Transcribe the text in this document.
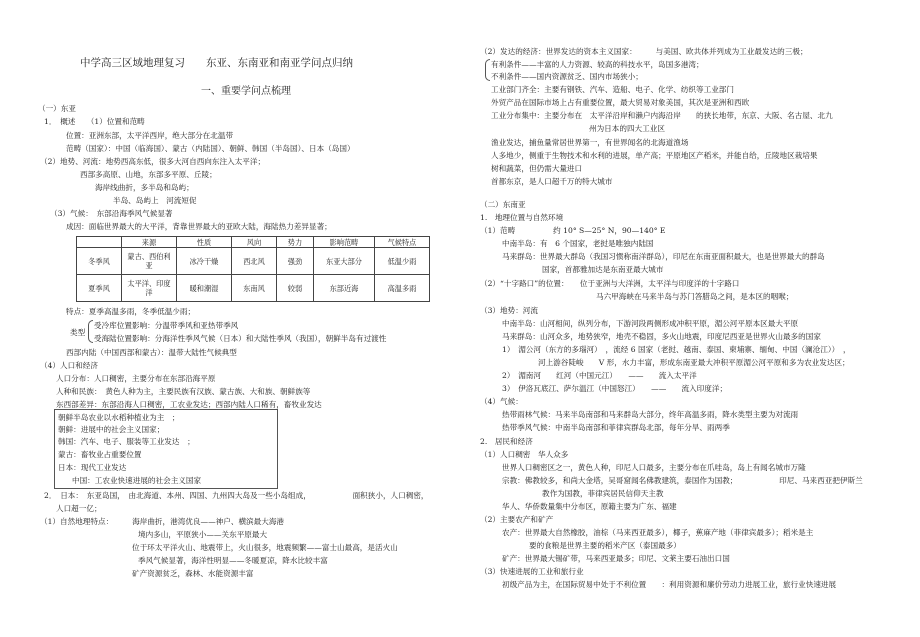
中学高三区域地理复习　　东亚、东南亚和南亚学问点归纳
一、重要学问点梳理
（一）东亚
1．　概述　　（1）位置和范畴
位置：亚洲东部，太平洋西岸，绝大部分在北温带
范畴（国家）：中国（临海国）、蒙古（内陆国）、朝鲜、韩国（半岛国）、日本（岛国）
（2）地势、河流：地势西高东低，很多大河自西向东注入太平洋；
西部多高原、山地，东部多平原、丘陵；
海岸线曲折，多半岛和岛屿；
半岛、岛屿上　河流短促
（3）气候：　东部沿海季风气候显著
成因：面临世界最大的大平洋，背靠世界最大的亚欧大陆，海陆热力差异显著；
	来源	性质	风向	势力	影响范畴	气候特点
冬季风	蒙古、西伯利亚	冰冷干燥	西北风	强劲	东亚大部分	低温少雨
夏季风	太平洋、印度洋	暖和潮湿	东南风	较弱	东部近海	高温多雨
特点：夏季高温多雨，冬季低温少雨；
受冷库位置影响：分温带季风和亚热带季风
类型
受海陆位置影响：分海洋性季风气候（日本）和大陆性季风（我国），朝鲜半岛有过渡性
西部内陆（中国西部和蒙古）：温带大陆性气候典型
（4）人口和经济
人口分布：人口稠密，主要分布在东部沿海平原
人种和民族：　黄色人种为主，主要民族有汉族、蒙古族、大和族、朝鲜族等
东西部差异：东部沿海人口稠密，工农业发达；西部内陆人口稀有，畜牧业发达
朝鲜半岛农业以水稻种植业为主　；
朝鲜：进展中的社会主义国家；
韩国：汽车、电子、服装等工业发达　；
蒙古：畜牧业占重要位置
日本：现代工业发达
中国：工农业快速进展的社会主义国家
2．　日本：　东亚岛国，　由北海道、本州、四国、九州四大岛及一些小岛组成，　　　　　　面积狭小，人口稠密，
人口超一亿；
（1）自然地理特点：　　　海岸曲折，港湾优良——神户、横滨最大海港
境内多山，平原狭小——关东平原最大
位于环太平洋火山、地震带上，火山很多，地震频繁——富士山最高，是活火山
季风气候显著，海洋性明显——冬暖夏凉，降水比较丰富
矿产资源贫乏，森林、水能资源丰富
（2）发达的经济：世界发达的资本主义国家：　　　与美国、欧共体并列成为工业最发达的三极；
有利条件——丰富的人力资源、较高的科技水平，岛国多港湾；
不利条件——国内资源贫乏、国内市场狭小；
工业部门齐全：主要有钢铁、汽车、造船、电子、化学、纺织等工业部门
外贸产品在国际市场上占有重要位置，最大贸易对象美国，其次是亚洲和西欧
工业分布集中：主要分布在　太平洋沿岸和濑户内海沿岸　　的狭长地带，东京、大阪、名古屋、北九
州为日本的四大工业区
渔业发达，捕鱼量常居世界第一，有世界闻名的北海道渔场
人多地少，侧重于生物技术和水利的进展，单产高；平原地区产稻米，并能自给，丘陵地区栽培果
树和蔬菜，但仍需大量进口
首都东京，是人口超千万的特大城市
（二）东南亚
1.　地理位置与自然环境
（1）范畴　　　　　约 10° S—25° N，90—140° E
中南半岛：有　6 个国家，老挝是唯独内陆国
马来群岛：世界最大群岛（我国习惯称南洋群岛），印尼在东南亚面积最大，也是世界最大的群岛
国家，首都雅加达是东南亚最大城市
（2）“十字路口”的位置：　　位于亚洲与大洋洲，太平洋与印度洋的十字路口
马六甲海峡在马来半岛与苏门答腊岛之间，是本区的咽喉；
（3）地势：河流
中南半岛：山河相间，纵列分布，下游河段两侧形成冲积平原，湄公河平原本区最大平原
马来群岛：山河众多，地势狭窄，地壳不稳固，多火山地震，印度尼西亚是世界火山最多的国家
1）　湄公河（东方的多瑙河）　，流经 6 国家（老挝、越南、泰国、柬埔寨、缅甸、中国（澜沧江））　，
河上游谷陡峻　　V 形，水力丰富，形成东南亚最大冲积平原湄公河平原和多为农业发达区；
2）　湄南河　　红河（中国元江）　　——　　流入太平洋
3）　伊洛瓦底江、萨尔温江（中国怒江）　　——　　流入印度洋；
（4）气候：
热带雨林气候：马来半岛南部和马来群岛大部分，终年高温多雨，降水类型主要为对流雨
热带季风气候：中南半岛南部和菲律宾群岛北部，每年分旱、雨两季
2.　居民和经济
（1）人口稠密　华人众多
世界人口稠密区之一，黄色人种，印尼人口最多，主要分布在爪哇岛，岛上有闻名城市万隆
宗教：佛教较多，和尚大金塔，吴哥窟闻名佛教建筑，泰国作为国教；　　　　　　印尼、马来西亚把伊斯兰
教作为国教，菲律宾居民信仰天主教
华人、华侨数量集中分布区，原籍主要为广东、福建
（2）主要农产和矿产
农产：世界最大自然橡胶，油棕（马来西亚最多），椰子，蕉麻产地（菲律宾最多）；稻米是主
要的食粮是世界主要的稻米产区（泰国最多）
矿产：世界最大锡矿带，马来西亚最多；印尼、文莱主要石油出口国
（3）快速进展的工业和旅行业
初级产品为主，在国际贸易中处于不利位置　　：利用资源和廉价劳动力进展工业，旅行业快速进展
